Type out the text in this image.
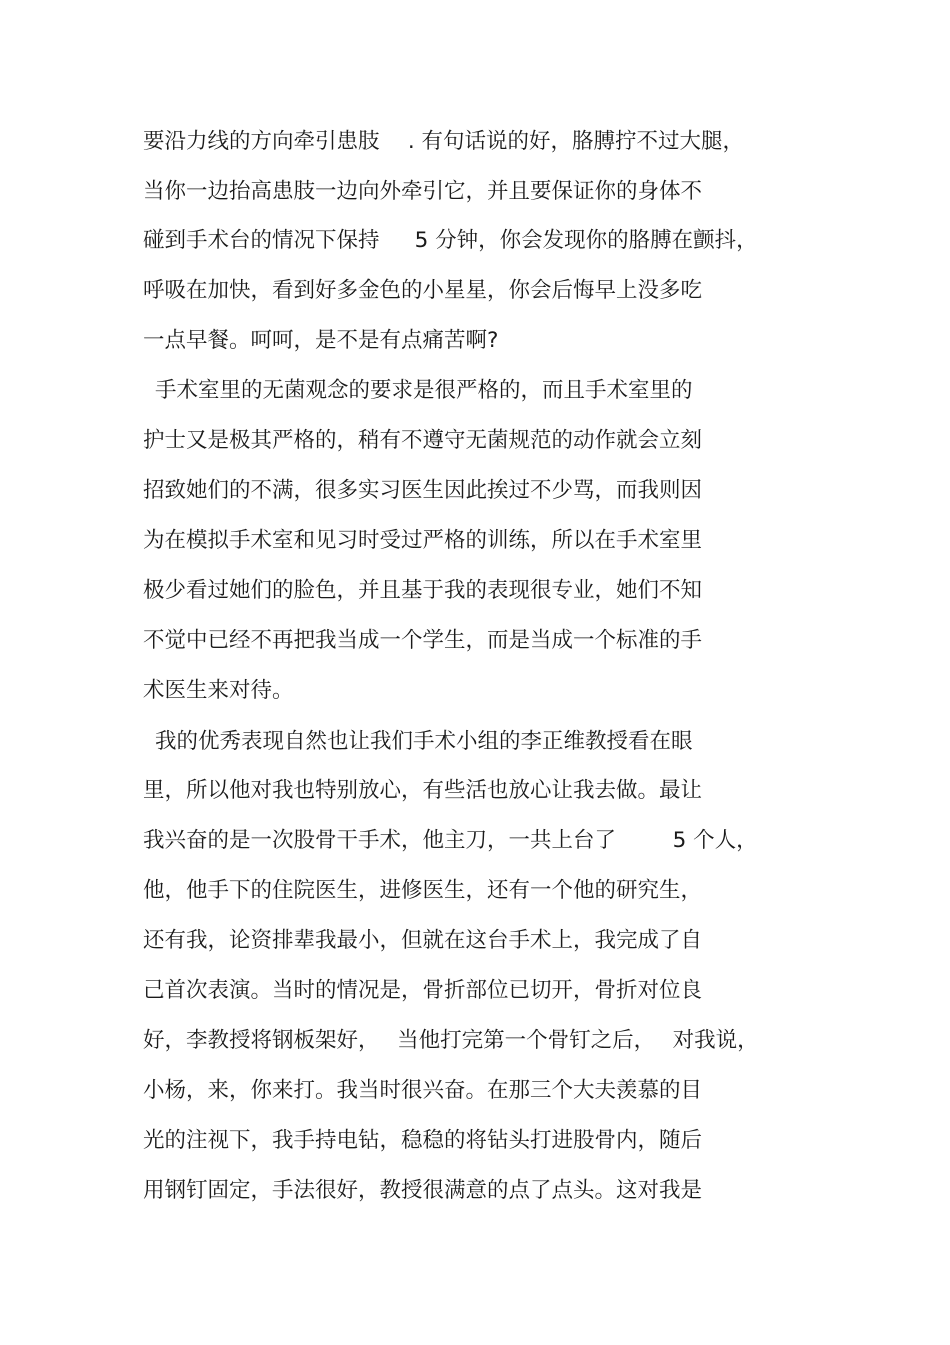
要沿力线的方向牵引患肢 　. 有句话说的好，胳膊拧不过大腿，
当你一边抬高患肢一边向外牵引它，并且要保证你的身体不
碰到手术台的情况下保持 　 5 分钟，你会发现你的胳膊在颤抖，
呼吸在加快，看到好多金色的小星星，你会后悔早上没多吃
一点早餐。呵呵，是不是有点痛苦啊?
手术室里的无菌观念的要求是很严格的，而且手术室里的
护士又是极其严格的，稍有不遵守无菌规范的动作就会立刻
招致她们的不满，很多实习医生因此挨过不少骂，而我则因
为在模拟手术室和见习时受过严格的训练，所以在手术室里
极少看过她们的脸色，并且基于我的表现很专业，她们不知
不觉中已经不再把我当成一个学生，而是当成一个标准的手
术医生来对待。
我的优秀表现自然也让我们手术小组的李正维教授看在眼
里，所以他对我也特别放心，有些活也放心让我去做。最让
我兴奋的是一次股骨干手术，他主刀，一共上台了 　　 5 个人，
他，他手下的住院医生，进修医生，还有一个他的研究生，
还有我，论资排辈我最小，但就在这台手术上，我完成了自
己首次表演。当时的情况是，骨折部位已切开，骨折对位良
好，李教授将钢板架好，　 当他打完第一个骨钉之后，　 对我说，
小杨，来，你来打。我当时很兴奋。在那三个大夫羡慕的目
光的注视下，我手持电钻，稳稳的将钻头打进股骨内，随后
用钢钉固定，手法很好，教授很满意的点了点头。这对我是
